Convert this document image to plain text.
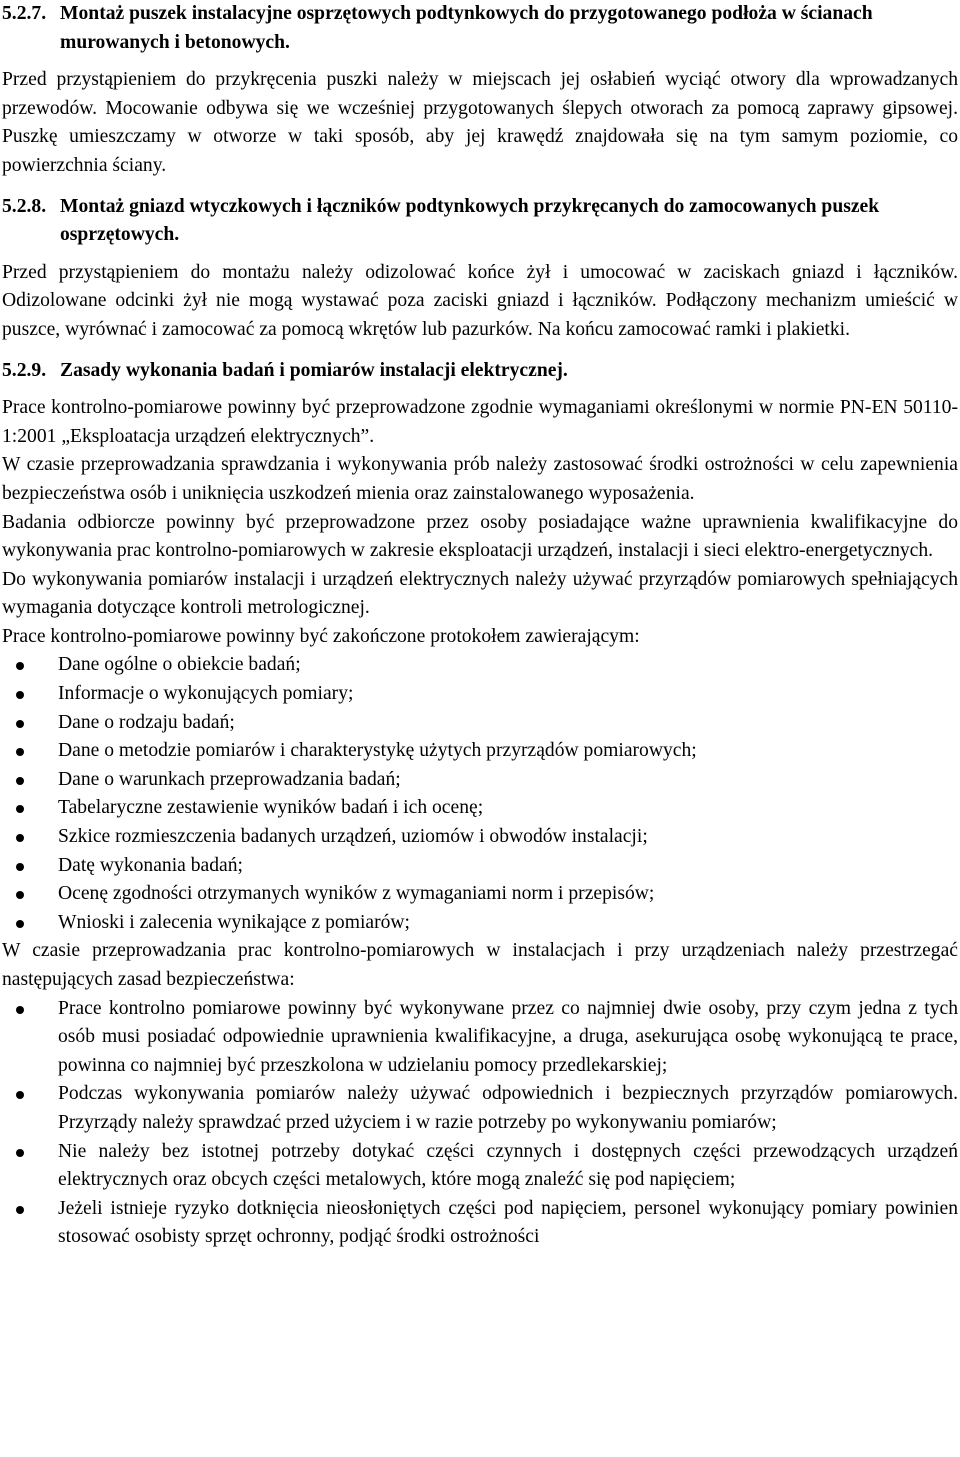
5.2.7. Montaż puszek instalacyjne osprzętowych podtynkowych do przygotowanego podłoża w ścianach murowanych i betonowych.

Przed przystąpieniem do przykręcenia puszki należy w miejscach jej osłabień wyciąć otwory dla wprowadzanych przewodów. Mocowanie odbywa się we wcześniej przygotowanych ślepych otworach za pomocą zaprawy gipsowej. Puszkę umieszczamy w otworze w taki sposób, aby jej krawędź znajdowała się na tym samym poziomie, co powierzchnia ściany.

5.2.8. Montaż gniazd wtyczkowych i łączników podtynkowych przykręcanych do zamocowanych puszek osprzętowych.

Przed przystąpieniem do montażu należy odizolować końce żył i umocować w zaciskach gniazd i łączników. Odizolowane odcinki żył nie mogą wystawać poza zaciski gniazd i łączników. Podłączony mechanizm umieścić w puszce, wyrównać i zamocować za pomocą wkrętów lub pazurków. Na końcu zamocować ramki i plakietki.

5.2.9. Zasady wykonania badań i pomiarów instalacji elektrycznej.

Prace kontrolno-pomiarowe powinny być przeprowadzone zgodnie wymaganiami określonymi w normie PN-EN 50110-1:2001 „Eksploatacja urządzeń elektrycznych”.

W czasie przeprowadzania sprawdzania i wykonywania prób należy zastosować środki ostrożności w celu zapewnienia bezpieczeństwa osób i uniknięcia uszkodzeń mienia oraz zainstalowanego wyposażenia.

Badania odbiorcze powinny być przeprowadzone przez osoby posiadające ważne uprawnienia kwalifikacyjne do wykonywania prac kontrolno-pomiarowych w zakresie eksploatacji urządzeń, instalacji i sieci elektro-energetycznych.

Do wykonywania pomiarów instalacji i urządzeń elektrycznych należy używać przyrządów pomiarowych spełniających wymagania dotyczące kontroli metrologicznej.

Prace kontrolno-pomiarowe powinny być zakończone protokołem zawierającym:

Dane ogólne o obiekcie badań;
Informacje o wykonujących pomiary;
Dane o rodzaju badań;
Dane o metodzie pomiarów i charakterystykę użytych przyrządów pomiarowych;
Dane o warunkach przeprowadzania badań;
Tabelaryczne zestawienie wyników badań i ich ocenę;
Szkice rozmieszczenia badanych urządzeń, uziomów i obwodów instalacji;
Datę wykonania badań;
Ocenę zgodności otrzymanych wyników z wymaganiami norm i przepisów;
Wnioski i zalecenia wynikające z pomiarów;

W czasie przeprowadzania prac kontrolno-pomiarowych w instalacjach i przy urządzeniach należy przestrzegać następujących zasad bezpieczeństwa:

Prace kontrolno pomiarowe powinny być wykonywane przez co najmniej dwie osoby, przy czym jedna z tych osób musi posiadać odpowiednie uprawnienia kwalifikacyjne, a druga, asekurująca osobę wykonującą te prace, powinna co najmniej być przeszkolona w udzielaniu pomocy przedlekarskiej;
Podczas wykonywania pomiarów należy używać odpowiednich i bezpiecznych przyrządów pomiarowych. Przyrządy należy sprawdzać przed użyciem i w razie potrzeby po wykonywaniu pomiarów;
Nie należy bez istotnej potrzeby dotykać części czynnych i dostępnych części przewodzących urządzeń elektrycznych oraz obcych części metalowych, które mogą znaleźć się pod napięciem;
Jeżeli istnieje ryzyko dotknięcia nieosłoniętych części pod napięciem, personel wykonujący pomiary powinien stosować osobisty sprzęt ochronny, podjąć środki ostrożności
